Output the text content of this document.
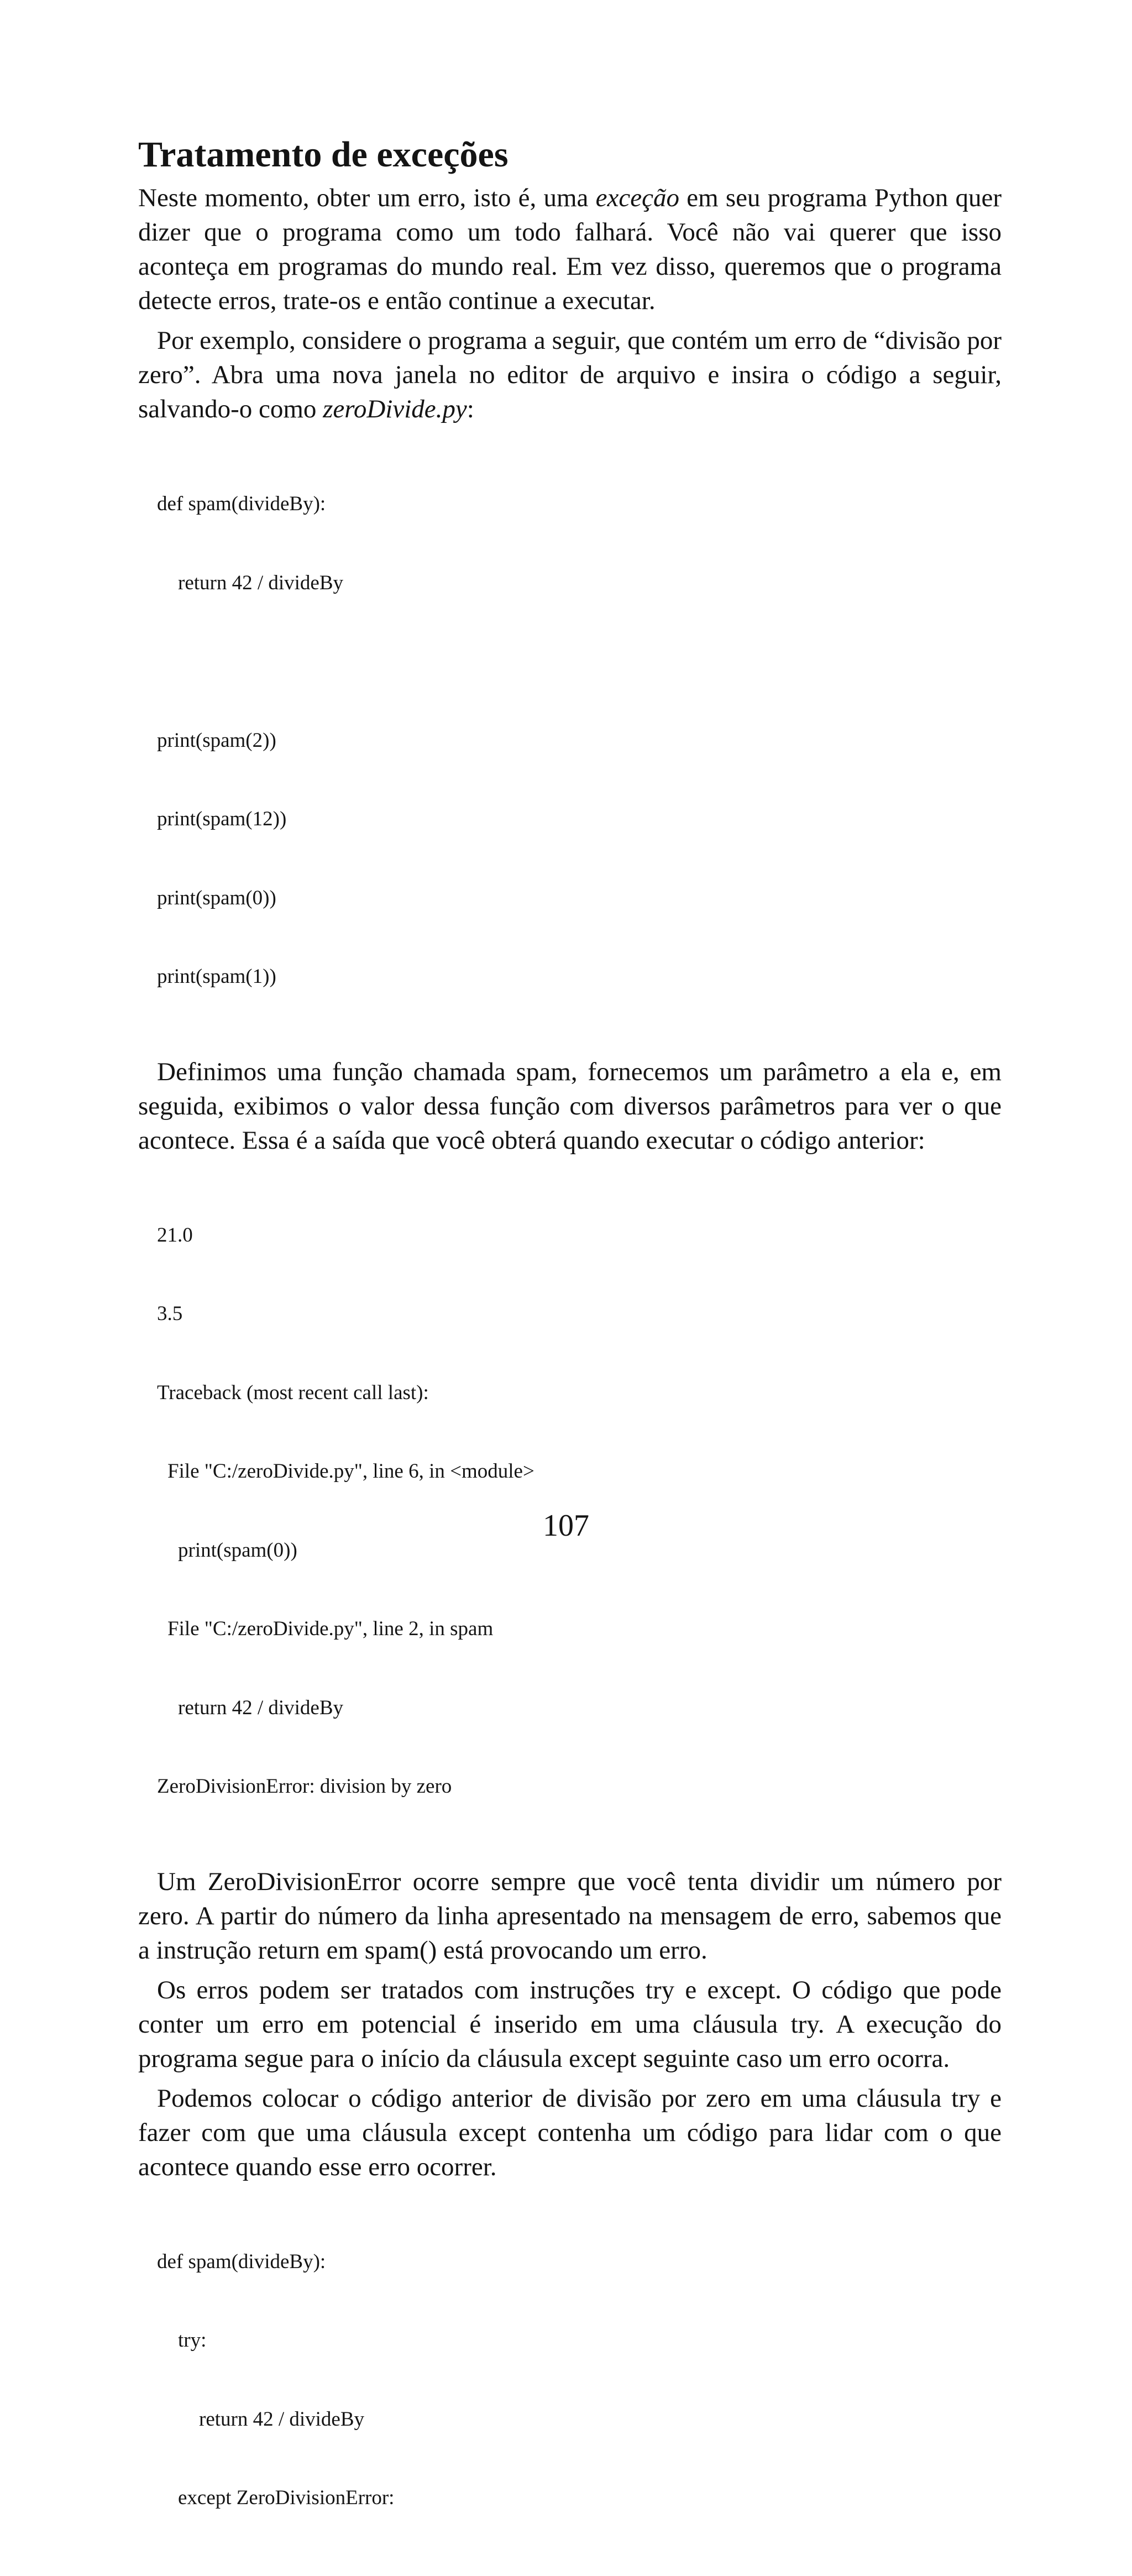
Tratamento de exceções

Neste momento, obter um erro, isto é, uma exceção em seu programa Python quer dizer que o programa como um todo falhará. Você não vai querer que isso aconteça em programas do mundo real. Em vez disso, queremos que o programa detecte erros, trate-os e então continue a executar.

Por exemplo, considere o programa a seguir, que contém um erro de “divisão por zero”. Abra uma nova janela no editor de arquivo e insira o código a seguir, salvando-o como zeroDivide.py:

def spam(divideBy):

return 42 / divideBy

print(spam(2))

print(spam(12))

print(spam(0))

print(spam(1))

Definimos uma função chamada spam, fornecemos um parâmetro a ela e, em seguida, exibimos o valor dessa função com diversos parâmetros para ver o que acontece. Essa é a saída que você obterá quando executar o código anterior:

21.0

3.5

Traceback (most recent call last):

File "C:/zeroDivide.py", line 6, in <module>

print(spam(0))

File "C:/zeroDivide.py", line 2, in spam

return 42 / divideBy

ZeroDivisionError: division by zero

Um ZeroDivisionError ocorre sempre que você tenta dividir um número por zero. A partir do número da linha apresentado na mensagem de erro, sabemos que a instrução return em spam() está provocando um erro.

Os erros podem ser tratados com instruções try e except. O código que pode conter um erro em potencial é inserido em uma cláusula try. A execução do programa segue para o início da cláusula except seguinte caso um erro ocorra.

Podemos colocar o código anterior de divisão por zero em uma cláusula try e fazer com que uma cláusula except contenha um código para lidar com o que acontece quando esse erro ocorrer.

def spam(divideBy):

try:

return 42 / divideBy

except ZeroDivisionError:

107
